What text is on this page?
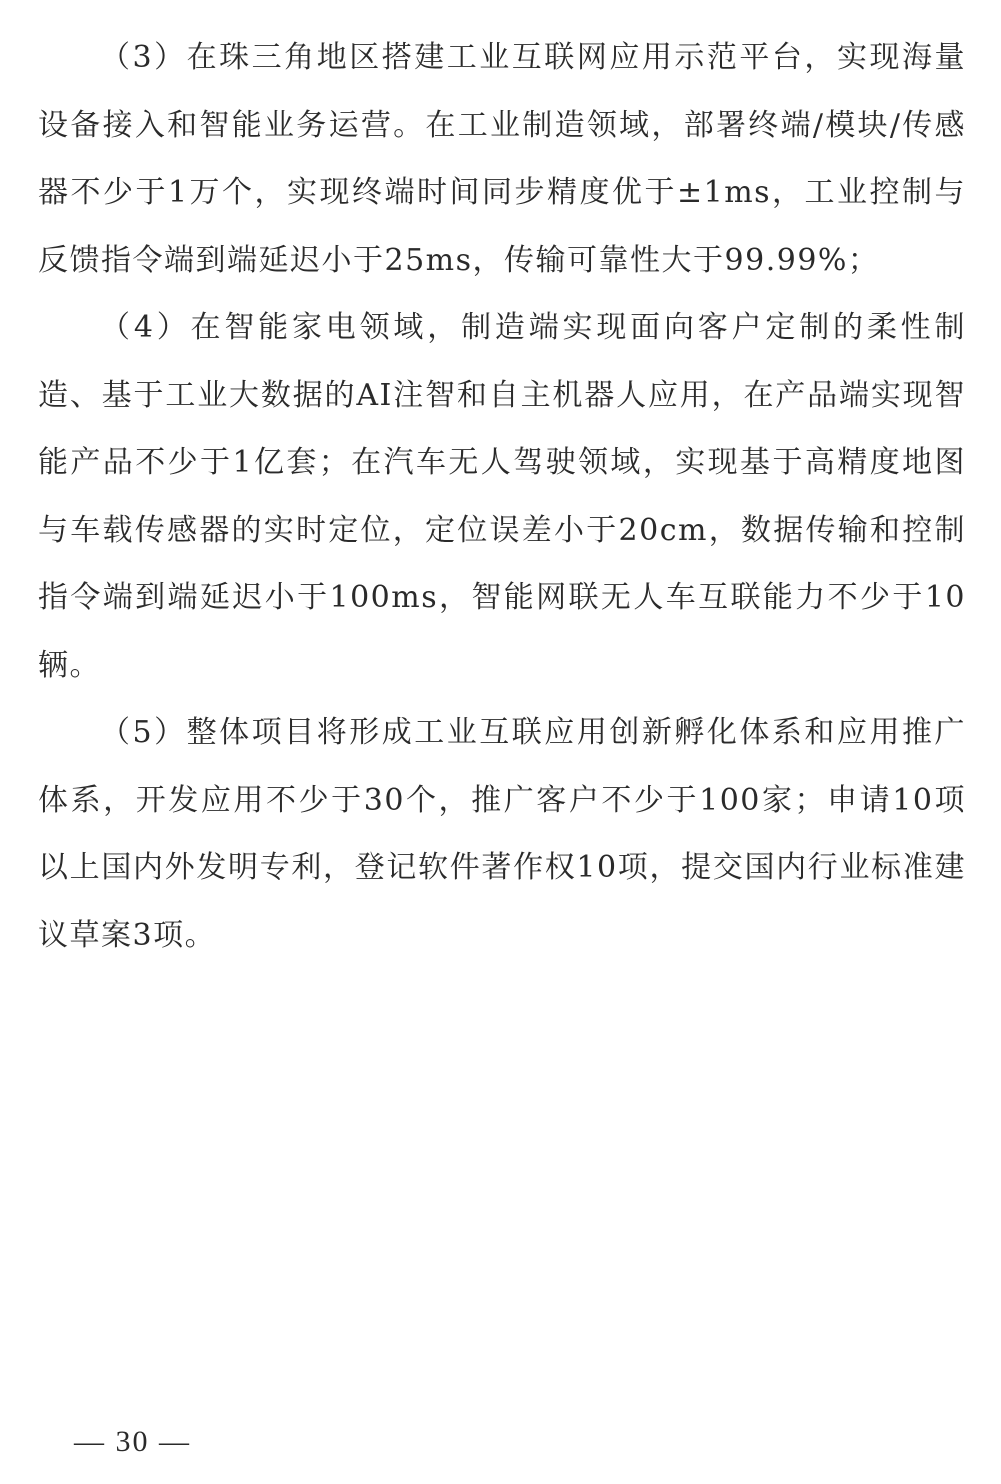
（3）在珠三角地区搭建工业互联网应用示范平台，实现海量设备接入和智能业务运营。在工业制造领域，部署终端/模块/传感器不少于1万个，实现终端时间同步精度优于±1ms，工业控制与反馈指令端到端延迟小于25ms，传输可靠性大于99.99%；

（4）在智能家电领域，制造端实现面向客户定制的柔性制造、基于工业大数据的AI注智和自主机器人应用，在产品端实现智能产品不少于1亿套；在汽车无人驾驶领域，实现基于高精度地图与车载传感器的实时定位，定位误差小于20cm，数据传输和控制指令端到端延迟小于100ms，智能网联无人车互联能力不少于10辆。

（5）整体项目将形成工业互联应用创新孵化体系和应用推广体系，开发应用不少于30个，推广客户不少于100家；申请10项以上国内外发明专利，登记软件著作权10项，提交国内行业标准建议草案3项。

— 30 —
